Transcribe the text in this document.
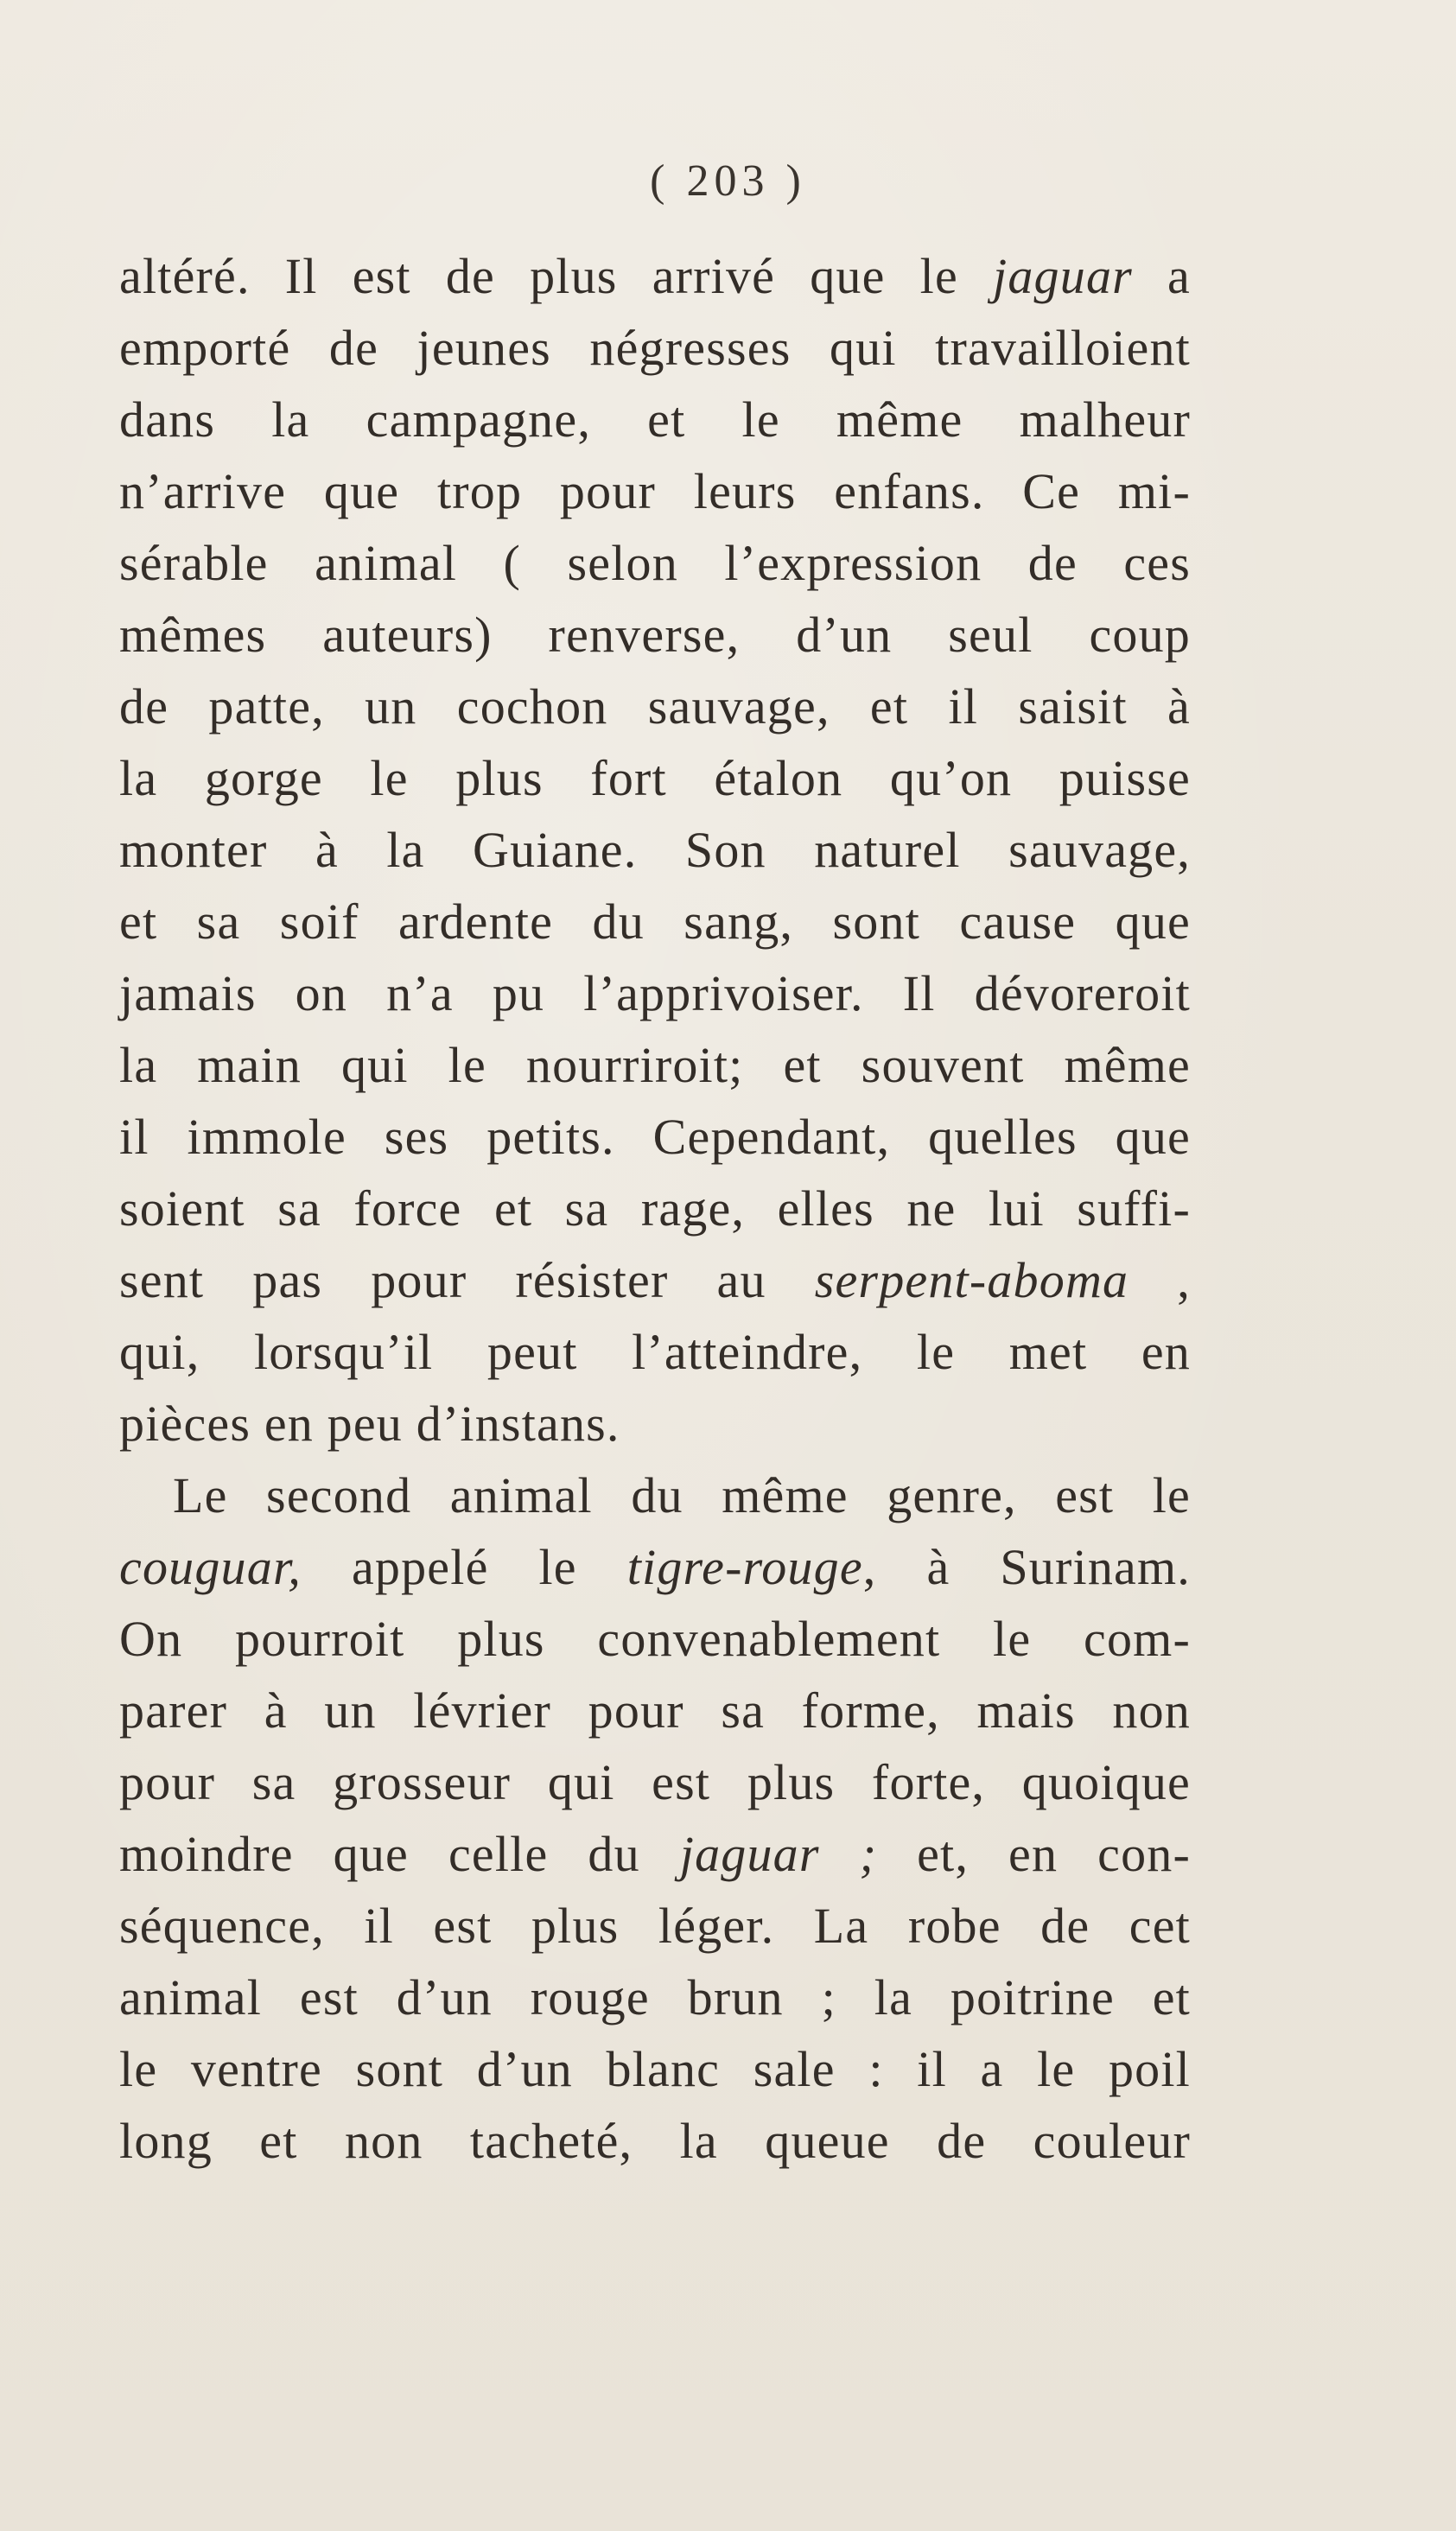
( 203 )
altéré. Il est de plus arrivé que le jaguar a
emporté de jeunes négresses qui travailloient
dans la campagne, et le même malheur
n’arrive que trop pour leurs enfans. Ce mi-
sérable animal ( selon l’expression de ces
mêmes auteurs) renverse, d’un seul coup
de patte, un cochon sauvage, et il saisit à
la gorge le plus fort étalon qu’on puisse
monter à la Guiane. Son naturel sauvage,
et sa soif ardente du sang, sont cause que
jamais on n’a pu l’apprivoiser. Il dévoreroit
la main qui le nourriroit; et souvent même
il immole ses petits. Cependant, quelles que
soient sa force et sa rage, elles ne lui suffi-
sent pas pour résister au serpent-aboma ,
qui, lorsqu’il peut l’atteindre, le met en
pièces en peu d’instans.
Le second animal du même genre, est le
couguar, appelé le tigre-rouge, à Surinam.
On pourroit plus convenablement le com-
parer à un lévrier pour sa forme, mais non
pour sa grosseur qui est plus forte, quoique
moindre que celle du jaguar ; et, en con-
séquence, il est plus léger. La robe de cet
animal est d’un rouge brun ; la poitrine et
le ventre sont d’un blanc sale : il a le poil
long et non tacheté, la queue de couleur
